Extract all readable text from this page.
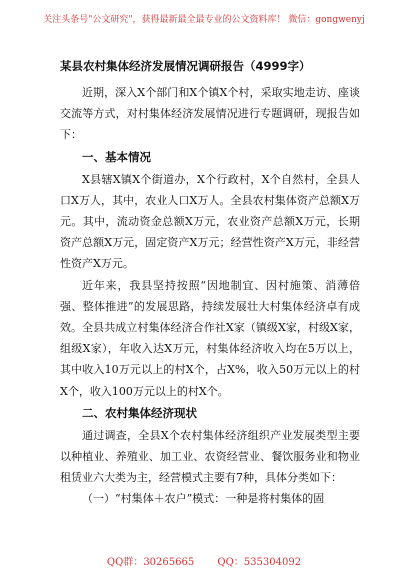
关注头条号"公文研究"，获得最新最全最专业的公文资料库！ 微信：gongwenyj
某县农村集体经济发展情况调研报告（4999字）

近期，深入X个部门和X个镇X个村，采取实地走访、座谈交流等方式，对村集体经济发展情况进行专题调研，现报告如下：

一、基本情况

X县辖X镇X个街道办，X个行政村，X个自然村，全县人口X万人，其中，农业人口X万人。全县农村集体资产总额X万元。其中，流动资金总额X万元，农业资产总额X万元，长期资产总额X万元，固定资产X万元；经营性资产X万元，非经营性资产X万元。

近年来，我县坚持按照“因地制宜、因村施策、消薄倍强、整体推进”的发展思路，持续发展壮大村集体经济卓有成效。全县共成立村集体经济合作社X家（镇级X家，村级X家，组级X家），年收入达X万元，村集体经济收入均在5万以上，其中收入10万元以上的村X个，占X%，收入50万元以上的村X个，收入100万元以上的村X个。

二、农村集体经济现状

通过调查，全县X个农村集体经济组织产业发展类型主要以种植业、养殖业、加工业、农资经营业、餐饮服务业和物业租赁业六大类为主，经营模式主要有7种，具体分类如下：

（一）“村集体＋农户”模式：一种是将村集体的固

QQ群：30265665 QQ：535304092
